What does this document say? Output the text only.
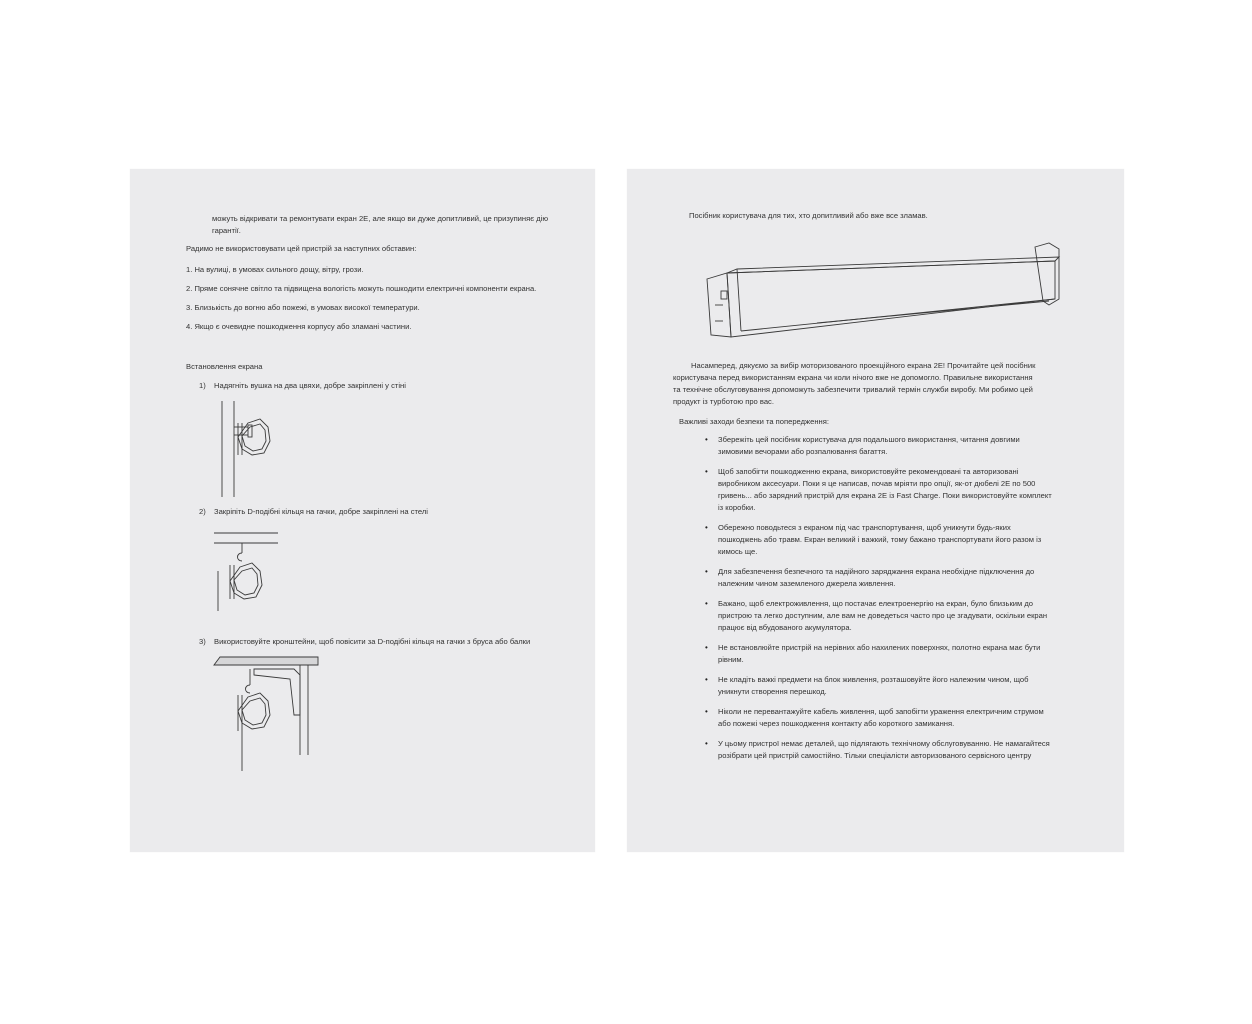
можуть відкривати та ремонтувати екран 2Е, але якщо ви дуже допитливий, це призупиняє дію
гарантії.
Радимо не використовувати цей пристрій за наступних обставин:
1. На вулиці, в умовах сильного дощу, вітру, грози.
2. Пряме сонячне світло та підвищена вологість можуть пошкодити електричні компоненти екрана.
3. Близькість до вогню або пожежі, в умовах високої температури.
4. Якщо є очевидне пошкодження корпусу або зламані частини.
Встановлення екрана
1) Надягніть вушка на два цвяхи, добре закріплені у стіні
2) Закріпіть D-подібні кільця на гачки, добре закріплені на стелі
3) Використовуйте кронштейни, щоб повісити за D-подібні кільця на гачки з бруса або балки
Посібник користувача для тих, хто допитливий або вже все зламав.
Насамперед, дякуємо за вибір моторизованого проекційного екрана 2Е! Прочитайте цей посібник
користувача перед використанням екрана чи коли нічого вже не допомогло. Правильне використання
та технічне обслуговування допоможуть забезпечити тривалий термін служби виробу. Ми робимо цей
продукт із турботою про вас.
Важливі заходи безпеки та попередження:
• Збережіть цей посібник користувача для подальшого використання, читання довгими
зимовими вечорами або розпалювання багаття.
• Щоб запобігти пошкодженню екрана, використовуйте рекомендовані та авторизовані
виробником аксесуари. Поки я це написав, почав мріяти про опції, як-от дюбелі 2Е по 500
гривень... або зарядний пристрій для екрана 2Е із Fast Charge. Поки використовуйте комплект
із коробки.
• Обережно поводьтеся з екраном під час транспортування, щоб уникнути будь-яких
пошкоджень або травм. Екран великий і важкий, тому бажано транспортувати його разом із
кимось ще.
• Для забезпечення безпечного та надійного заряджання екрана необхідне підключення до
належним чином заземленого джерела живлення.
• Бажано, щоб електроживлення, що постачає електроенергію на екран, було близьким до
пристрою та легко доступним, але вам не доведеться часто про це згадувати, оскільки екран
працює від вбудованого акумулятора.
• Не встановлюйте пристрій на нерівних або нахилених поверхнях, полотно екрана має бути
рівним.
• Не кладіть важкі предмети на блок живлення, розташовуйте його належним чином, щоб
уникнути створення перешкод.
• Ніколи не перевантажуйте кабель живлення, щоб запобігти ураження електричним струмом
або пожежі через пошкодження контакту або короткого замикання.
• У цьому пристрої немає деталей, що підлягають технічному обслуговуванню. Не намагайтеся
розібрати цей пристрій самостійно. Тільки спеціалісти авторизованого сервісного центру
